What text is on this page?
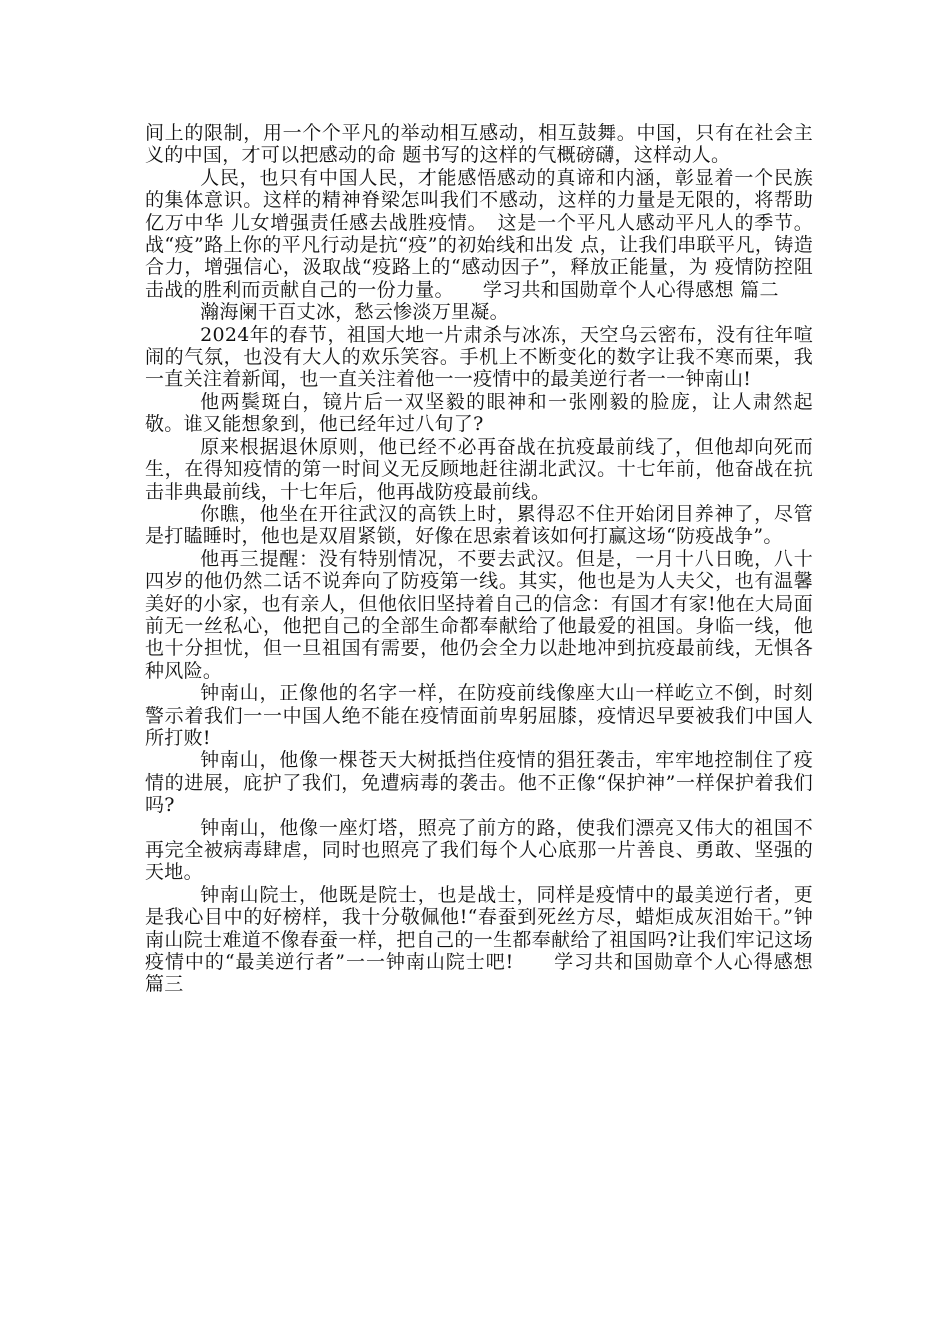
间上的限制，用一个个平凡的举动相互感动，相互鼓舞。中国，只有在社会主义的中国，才可以把感动的命 题书写的这样的气概磅礴，这样动人。

人民，也只有中国人民，才能感悟感动的真谛和内涵，彰显着一个民族的集体意识。这样的精神脊梁怎叫我们不感动，这样的力量是无限的，将帮助亿万中华 儿女增强责任感去战胜疫情。　这是一个平凡人感动平凡人的季节。战“疫”路上你的平凡行动是抗“疫”的初始线和出发 点，让我们串联平凡，铸造合力，增强信心，汲取战“疫路上的“感动因子”，释放正能量，为 疫情防控阻击战的胜利而贡献自己的一份力量。　　学习共和国勋章个人心得感想 篇二

瀚海阑干百丈冰，愁云惨淡万里凝。

2024年的春节，祖国大地一片肃杀与冰冻，天空乌云密布，没有往年喧闹的气氛，也没有大人的欢乐笑容。手机上不断变化的数字让我不寒而栗，我一直关注着新闻，也一直关注着他一一疫情中的最美逆行者一一钟南山!

他两鬓斑白，镜片后一双坚毅的眼神和一张刚毅的脸庞，让人肃然起敬。谁又能想象到，他已经年过八旬了?

原来根据退休原则，他已经不必再奋战在抗疫最前线了，但他却向死而生，在得知疫情的第一时间义无反顾地赶往湖北武汉。十七年前，他奋战在抗击非典最前线，十七年后，他再战防疫最前线。

你瞧，他坐在开往武汉的高铁上时，累得忍不住开始闭目养神了，尽管是打瞌睡时，他也是双眉紧锁，好像在思索着该如何打赢这场“防疫战争”。

他再三提醒：没有特别情况，不要去武汉。但是，一月十八日晚，八十四岁的他仍然二话不说奔向了防疫第一线。其实，他也是为人夫父，也有温馨美好的小家，也有亲人，但他依旧坚持着自己的信念：有国才有家!他在大局面前无一丝私心，他把自己的全部生命都奉献给了他最爱的祖国。身临一线，他也十分担忧，但一旦祖国有需要，他仍会全力以赴地冲到抗疫最前线，无惧各种风险。

钟南山，正像他的名字一样，在防疫前线像座大山一样屹立不倒，时刻警示着我们一一中国人绝不能在疫情面前卑躬屈膝，疫情迟早要被我们中国人所打败!

钟南山，他像一棵苍天大树抵挡住疫情的猖狂袭击，牢牢地控制住了疫情的进展，庇护了我们，免遭病毒的袭击。他不正像“保护神”一样保护着我们吗?

钟南山，他像一座灯塔，照亮了前方的路，使我们漂亮又伟大的祖国不再完全被病毒肆虐，同时也照亮了我们每个人心底那一片善良、勇敢、坚强的天地。

钟南山院士，他既是院士，也是战士，同样是疫情中的最美逆行者，更是我心目中的好榜样，我十分敬佩他!“春蚕到死丝方尽，蜡炬成灰泪始干。”钟南山院士难道不像春蚕一样，把自己的一生都奉献给了祖国吗?让我们牢记这场疫情中的“最美逆行者”一一钟南山院士吧!　　学习共和国勋章个人心得感想 篇三
